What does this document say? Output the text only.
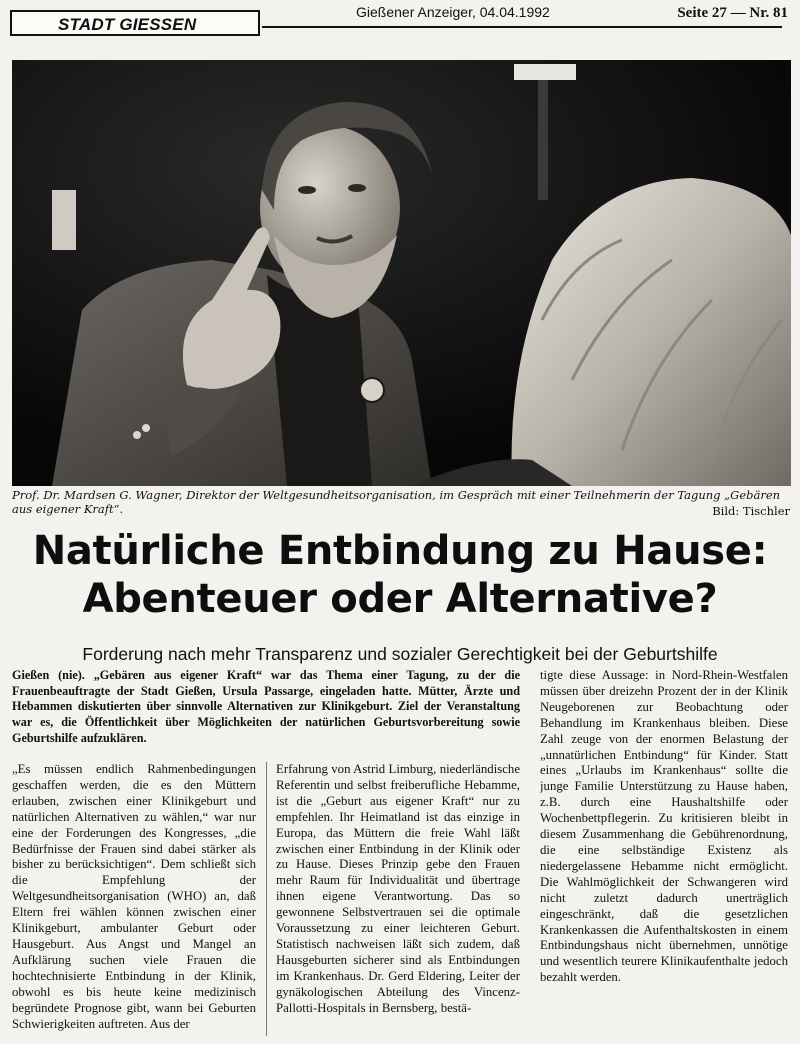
STADT GIESSEN
Gießener Anzeiger, 04.04.1992	Seite 27 — Nr. 81
Prof. Dr. Mardsen G. Wagner, Direktor der Weltgesundheitsorganisation, im Gespräch mit einer Teilnehmerin der Tagung „Gebären aus eigener Kraft“.	Bild: Tischler
Natürliche Entbindung zu Hause:
Abenteuer oder Alternative?
Forderung nach mehr Transparenz und sozialer Gerechtigkeit bei der Geburtshilfe
Gießen (nie). „Gebären aus eigener Kraft“ war das Thema einer Tagung, zu der die Frauenbeauftragte der Stadt Gießen, Ursula Passarge, eingeladen hatte. Mütter, Ärzte und Hebammen diskutierten über sinnvolle Alternativen zur Klinikgeburt. Ziel der Veranstaltung war es, die Öffentlichkeit über Möglichkeiten der natürlichen Geburtsvorbereitung sowie Geburtshilfe aufzuklären.

„Es müssen endlich Rahmenbedingungen geschaffen werden, die es den Müttern erlauben, zwischen einer Klinikgeburt und natürlichen Alternativen zu wählen,“ war nur eine der Forderungen des Kongresses, „die Bedürfnisse der Frauen sind dabei stärker als bisher zu berücksichtigen“. Dem schließt sich die Empfehlung der Weltgesundheitsorganisation (WHO) an, daß Eltern frei wählen können zwischen einer Klinikgeburt, ambulanter Geburt oder Hausgeburt. Aus Angst und Mangel an Aufklärung suchen viele Frauen die hochtechnisierte Entbindung in der Klinik, obwohl es bis heute keine medizinisch begründete Prognose gibt, wann bei Geburten Schwierigkeiten auftreten. Aus der

Erfahrung von Astrid Limburg, niederländische Referentin und selbst freiberufliche Hebamme, ist die „Geburt aus eigener Kraft“ nur zu empfehlen. Ihr Heimatland ist das einzige in Europa, das Müttern die freie Wahl läßt zwischen einer Entbindung in der Klinik oder zu Hause. Dieses Prinzip gebe den Frauen mehr Raum für Individualität und übertrage ihnen eigene Verantwortung. Das so gewonnene Selbstvertrauen sei die optimale Voraussetzung zu einer leichteren Geburt. Statistisch nachweisen läßt sich zudem, daß Hausgeburten sicherer sind als Entbindungen im Krankenhaus. Dr. Gerd Eldering, Leiter der gynäkologischen Abteilung des Vincenz-Pallotti-Hospitals in Bernsberg, bestä-

tigte diese Aussage: in Nord-Rhein-Westfalen müssen über dreizehn Prozent der in der Klinik Neugeborenen zur Beobachtung oder Behandlung im Krankenhaus bleiben. Diese Zahl zeuge von der enormen Belastung der „unnatürlichen Entbindung“ für Kinder. Statt eines „Urlaubs im Krankenhaus“ sollte die junge Familie Unterstützung zu Hause haben, z.B. durch eine Haushaltshilfe oder Wochenbettpflegerin. Zu kritisieren bleibt in diesem Zusammenhang die Gebührenordnung, die eine selbständige Existenz als niedergelassene Hebamme nicht ermöglicht. Die Wahlmöglichkeit der Schwangeren wird nicht zuletzt dadurch unerträglich eingeschränkt, daß die gesetzlichen Krankenkassen die Aufenthaltskosten in einem Entbindungshaus nicht übernehmen, unnötige und wesentlich teurere Klinikaufenthalte jedoch bezahlt werden.
